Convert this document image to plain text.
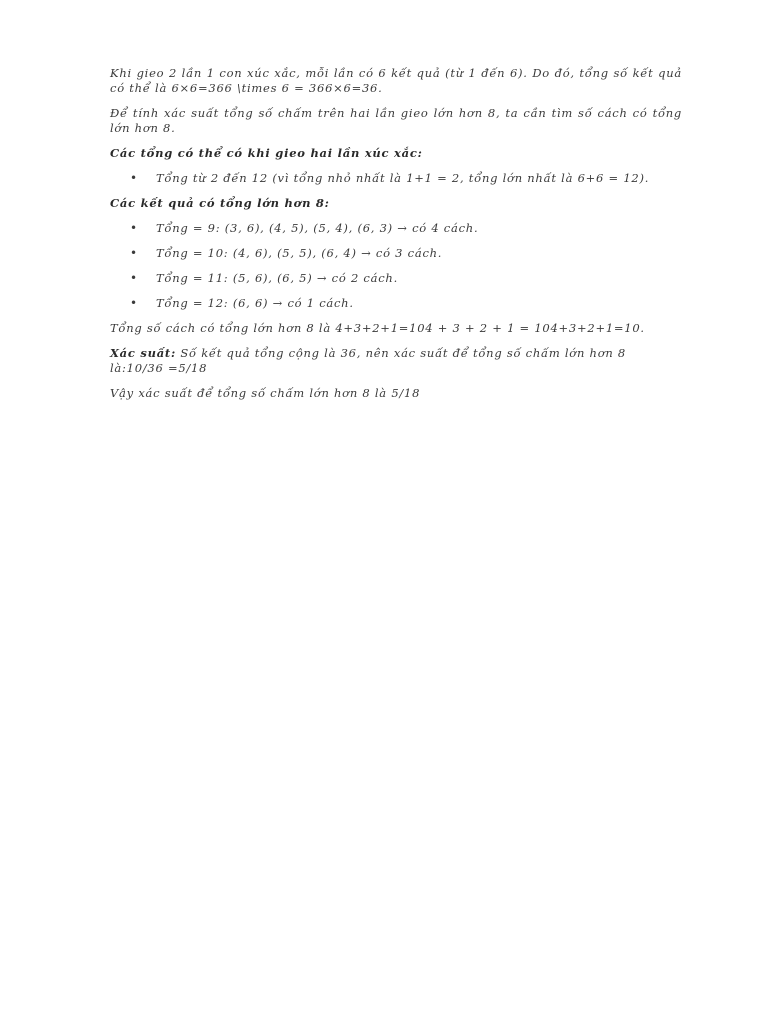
Khi gieo 2 lần 1 con xúc xắc, mỗi lần có 6 kết quả (từ 1 đến 6). Do đó, tổng số kết quả có thể là 6×6=366 \times 6 = 366×6=36.

Để tính xác suất tổng số chấm trên hai lần gieo lớn hơn 8, ta cần tìm số cách có tổng lớn hơn 8.

Các tổng có thể có khi gieo hai lần xúc xắc:

• Tổng từ 2 đến 12 (vì tổng nhỏ nhất là 1+1 = 2, tổng lớn nhất là 6+6 = 12).

Các kết quả có tổng lớn hơn 8:

• Tổng = 9: (3, 6), (4, 5), (5, 4), (6, 3) → có 4 cách.
• Tổng = 10: (4, 6), (5, 5), (6, 4) → có 3 cách.
• Tổng = 11: (5, 6), (6, 5) → có 2 cách.
• Tổng = 12: (6, 6) → có 1 cách.

Tổng số cách có tổng lớn hơn 8 là 4+3+2+1=104 + 3 + 2 + 1 = 104+3+2+1=10.

Xác suất: Số kết quả tổng cộng là 36, nên xác suất để tổng số chấm lớn hơn 8 là:10/36 =5/18

Vậy xác suất để tổng số chấm lớn hơn 8 là 5/18
